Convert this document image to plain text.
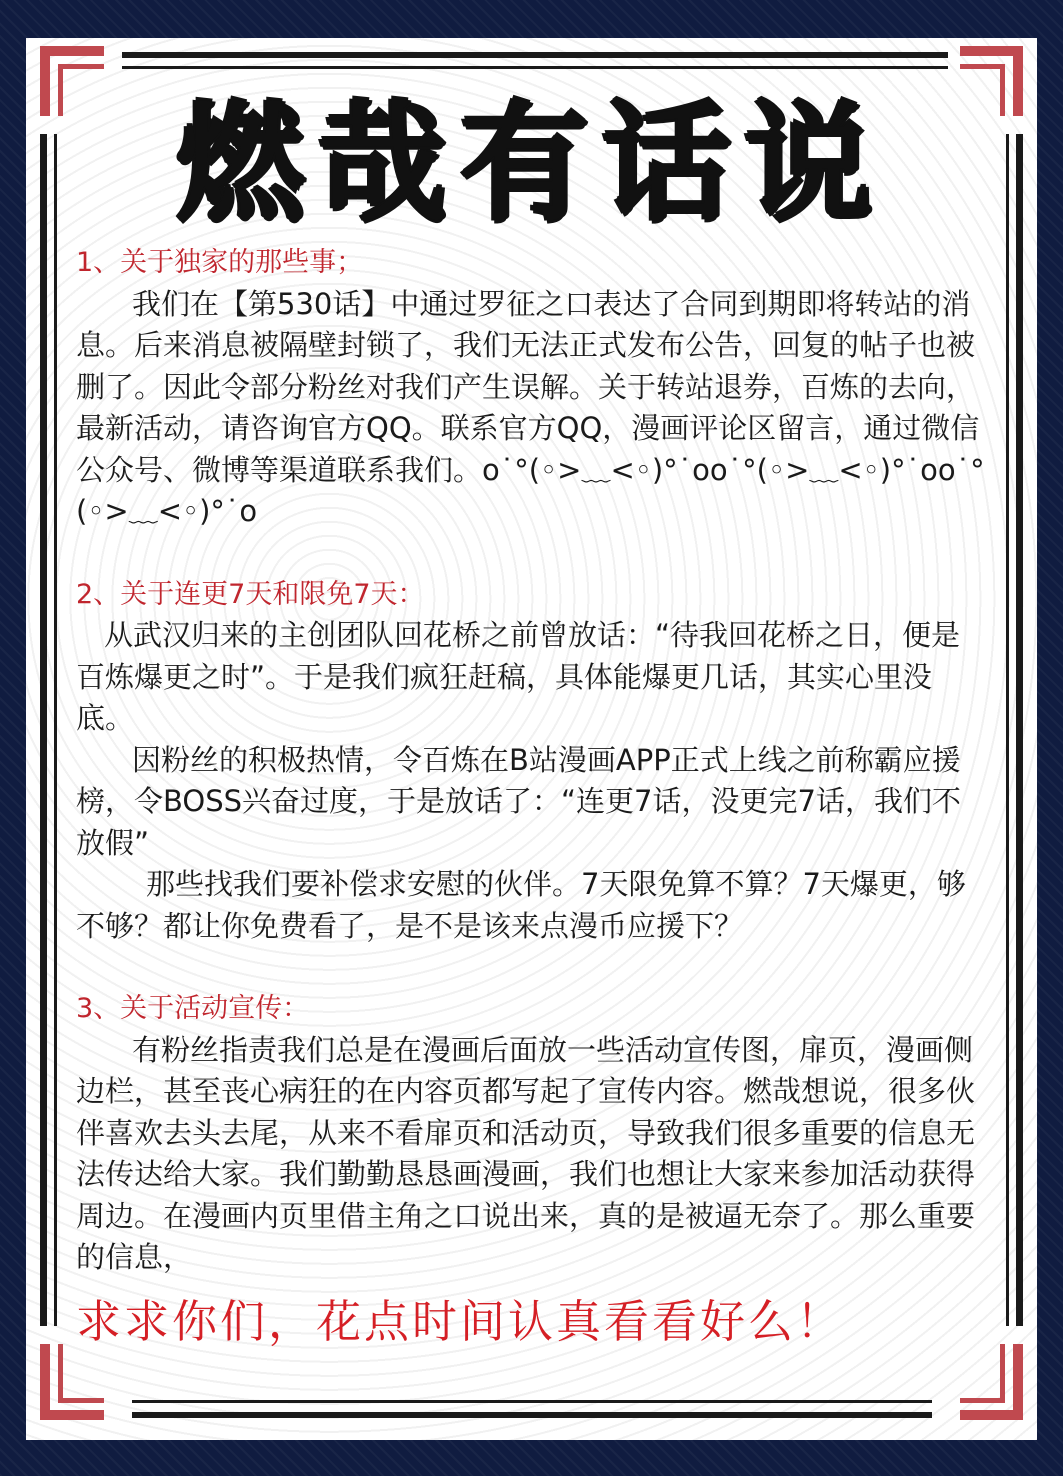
燃哉有话说
1、关于独家的那些事；

我们在【第530话】中通过罗征之口表达了合同到期即将转站的消息。后来消息被隔壁封锁了，我们无法正式发布公告，回复的帖子也被删了。因此令部分粉丝对我们产生误解。关于转站退券，百炼的去向，最新活动，请咨询官方QQ。联系官方QQ，漫画评论区留言，通过微信公众号、微博等渠道联系我们。o˙°(◦>﹏<◦)°˙oo˙°(◦>﹏<◦)°˙oo˙°(◦>﹏<◦)°˙o

2、关于连更7天和限免7天：

从武汉归来的主创团队回花桥之前曾放话：“待我回花桥之日，便是百炼爆更之时”。于是我们疯狂赶稿，具体能爆更几话，其实心里没底。

因粉丝的积极热情，令百炼在B站漫画APP正式上线之前称霸应援榜，令BOSS兴奋过度，于是放话了：“连更7话，没更完7话，我们不放假”

那些找我们要补偿求安慰的伙伴。7天限免算不算？7天爆更，够不够？都让你免费看了，是不是该来点漫币应援下？

3、关于活动宣传：

有粉丝指责我们总是在漫画后面放一些活动宣传图，扉页，漫画侧边栏，甚至丧心病狂的在内容页都写起了宣传内容。燃哉想说，很多伙伴喜欢去头去尾，从来不看扉页和活动页，导致我们很多重要的信息无法传达给大家。我们勤勤恳恳画漫画，我们也想让大家来参加活动获得周边。在漫画内页里借主角之口说出来，真的是被逼无奈了。那么重要的信息，

求求你们，花点时间认真看看好么！
